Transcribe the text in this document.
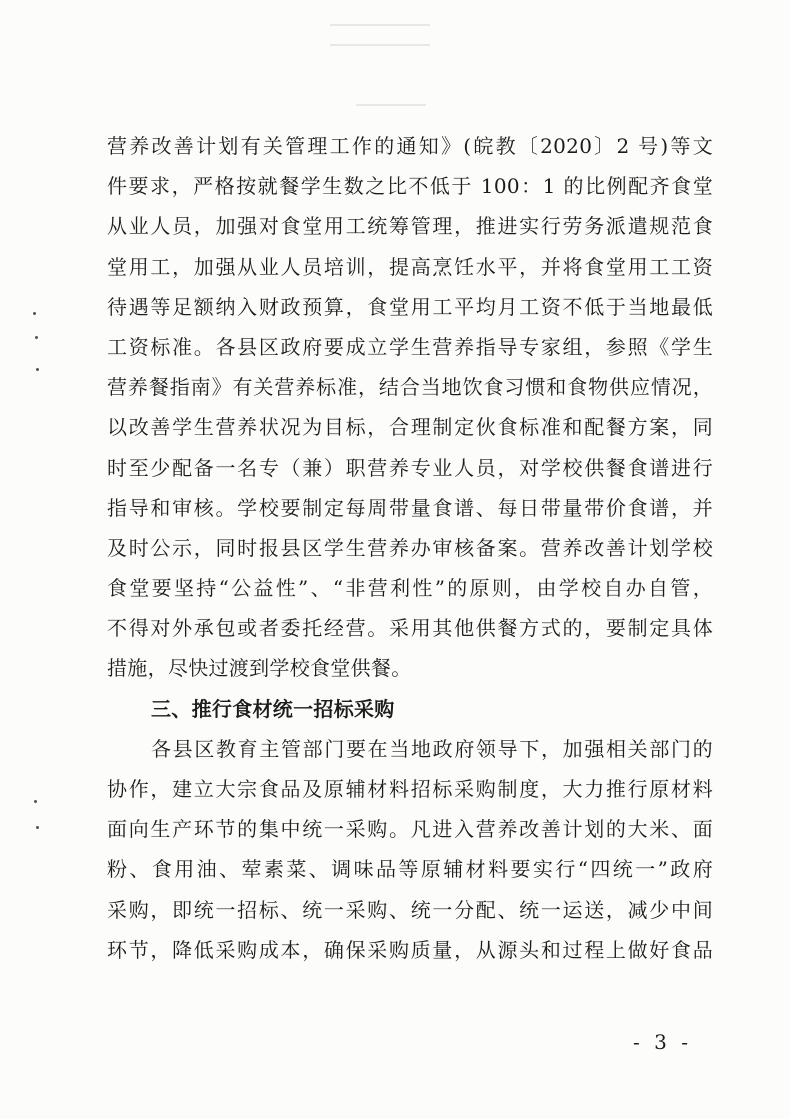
营养改善计划有关管理工作的通知》(皖教〔2020〕2 号)等文
件要求，严格按就餐学生数之比不低于 100：1 的比例配齐食堂
从业人员，加强对食堂用工统筹管理，推进实行劳务派遣规范食
堂用工，加强从业人员培训，提高烹饪水平，并将食堂用工工资
待遇等足额纳入财政预算，食堂用工平均月工资不低于当地最低
工资标准。各县区政府要成立学生营养指导专家组，参照《学生
营养餐指南》有关营养标准，结合当地饮食习惯和食物供应情况，
以改善学生营养状况为目标，合理制定伙食标准和配餐方案，同
时至少配备一名专（兼）职营养专业人员，对学校供餐食谱进行
指导和审核。学校要制定每周带量食谱、每日带量带价食谱，并
及时公示，同时报县区学生营养办审核备案。营养改善计划学校
食堂要坚持“公益性”、“非营利性”的原则，由学校自办自管，
不得对外承包或者委托经营。采用其他供餐方式的，要制定具体
措施，尽快过渡到学校食堂供餐。
三、推行食材统一招标采购
各县区教育主管部门要在当地政府领导下，加强相关部门的
协作，建立大宗食品及原辅材料招标采购制度，大力推行原材料
面向生产环节的集中统一采购。凡进入营养改善计划的大米、面
粉、食用油、荤素菜、调味品等原辅材料要实行“四统一”政府
采购，即统一招标、统一采购、统一分配、统一运送，减少中间
环节，降低采购成本，确保采购质量，从源头和过程上做好食品
- 3 -
